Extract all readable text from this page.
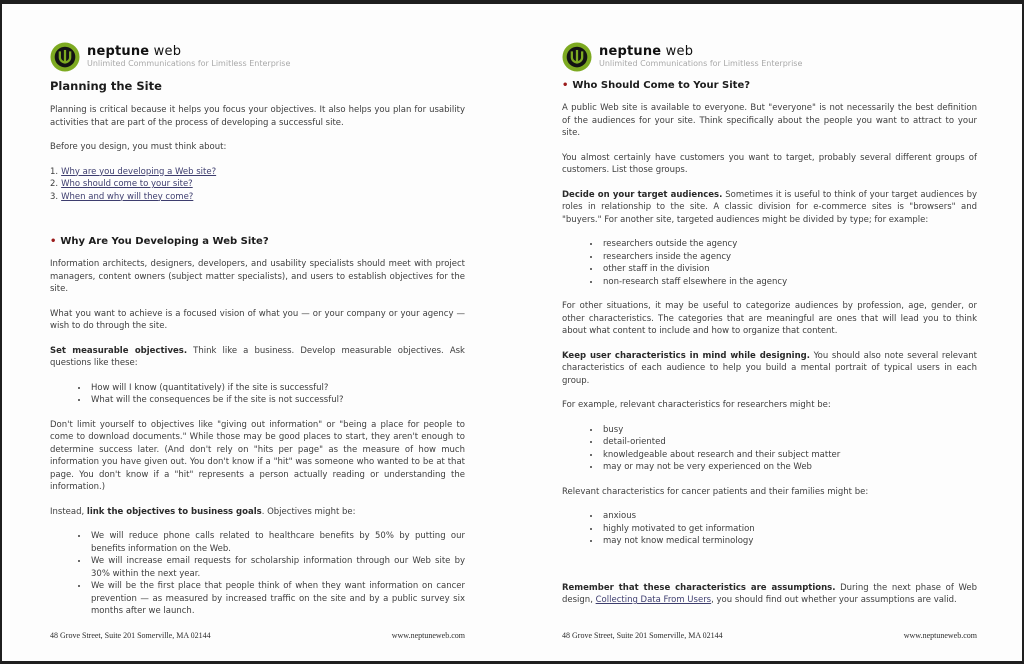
neptune web
Unlimited Communications for Limitless Enterprise
Planning the Site

Planning is critical because it helps you focus your objectives. It also helps you plan for usability activities that are part of the process of developing a successful site.

Before you design, you must think about:

1. Why are you developing a Web site?
2. Who should come to your site?
3. When and why will they come?
• Why Are You Developing a Web Site?

Information architects, designers, developers, and usability specialists should meet with project managers, content owners (subject matter specialists), and users to establish objectives for the site.

What you want to achieve is a focused vision of what you — or your company or your agency — wish to do through the site.

Set measurable objectives. Think like a business. Develop measurable objectives. Ask questions like these:

• How will I know (quantitatively) if the site is successful?
• What will the consequences be if the site is not successful?

Don't limit yourself to objectives like "giving out information" or "being a place for people to come to download documents." While those may be good places to start, they aren't enough to determine success later. (And don't rely on "hits per page" as the measure of how much information you have given out. You don't know if a "hit" was someone who wanted to be at that page. You don't know if a "hit" represents a person actually reading or understanding the information.)

Instead, link the objectives to business goals. Objectives might be:

• We will reduce phone calls related to healthcare benefits by 50% by putting our benefits information on the Web.
• We will increase email requests for scholarship information through our Web site by 30% within the next year.
• We will be the first place that people think of when they want information on cancer prevention — as measured by increased traffic on the site and by a public survey six months after we launch.
48 Grove Street, Suite 201 Somerville, MA 02144	www.neptuneweb.com
neptune web
Unlimited Communications for Limitless Enterprise
• Who Should Come to Your Site?

A public Web site is available to everyone. But "everyone" is not necessarily the best definition of the audiences for your site. Think specifically about the people you want to attract to your site.

You almost certainly have customers you want to target, probably several different groups of customers. List those groups.

Decide on your target audiences. Sometimes it is useful to think of your target audiences by roles in relationship to the site. A classic division for e-commerce sites is "browsers" and "buyers." For another site, targeted audiences might be divided by type; for example:

• researchers outside the agency
• researchers inside the agency
• other staff in the division
• non-research staff elsewhere in the agency

For other situations, it may be useful to categorize audiences by profession, age, gender, or other characteristics. The categories that are meaningful are ones that will lead you to think about what content to include and how to organize that content.

Keep user characteristics in mind while designing. You should also note several relevant characteristics of each audience to help you build a mental portrait of typical users in each group.

For example, relevant characteristics for researchers might be:

• busy
• detail-oriented
• knowledgeable about research and their subject matter
• may or may not be very experienced on the Web

Relevant characteristics for cancer patients and their families might be:

• anxious
• highly motivated to get information
• may not know medical terminology

Remember that these characteristics are assumptions. During the next phase of Web design, Collecting Data From Users, you should find out whether your assumptions are valid.

48 Grove Street, Suite 201 Somerville, MA 02144	www.neptuneweb.com
